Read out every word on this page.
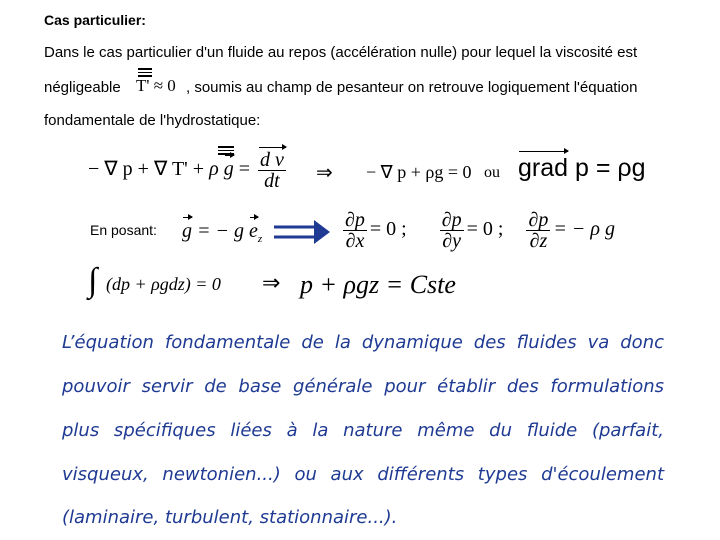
Cas particulier:
Dans le cas particulier d'un fluide au repos (accélération nulle) pour lequel la viscosité est
négligeable T' ≈ 0 , soumis au champ de pesanteur on retrouve logiquement l'équation
fondamentale de l'hydrostatique:
− ∇ p + ∇ T' + ρ $g = \frac{\text{d v}}{dt}$ ⇒ − ∇ p + ρg = 0 ou grad p = ρg
En posant: g = − g $e_z$	$\frac{\partial p}{\partial x} = 0$ ; $\frac{\partial p}{\partial y} = 0$ ; $\frac{\partial p}{\partial z}$ = − ρ g
∫ (dp + ρgdz) = 0 ⇒ p + ρgz = Cste
L’équation fondamentale de la dynamique des fluides va donc
pouvoir servir de base générale pour établir des formulations
plus spécifiques liées à la nature même du fluide (parfait,
visqueux, newtonien...) ou aux différents types d'écoulement
(laminaire, turbulent, stationnaire...).
